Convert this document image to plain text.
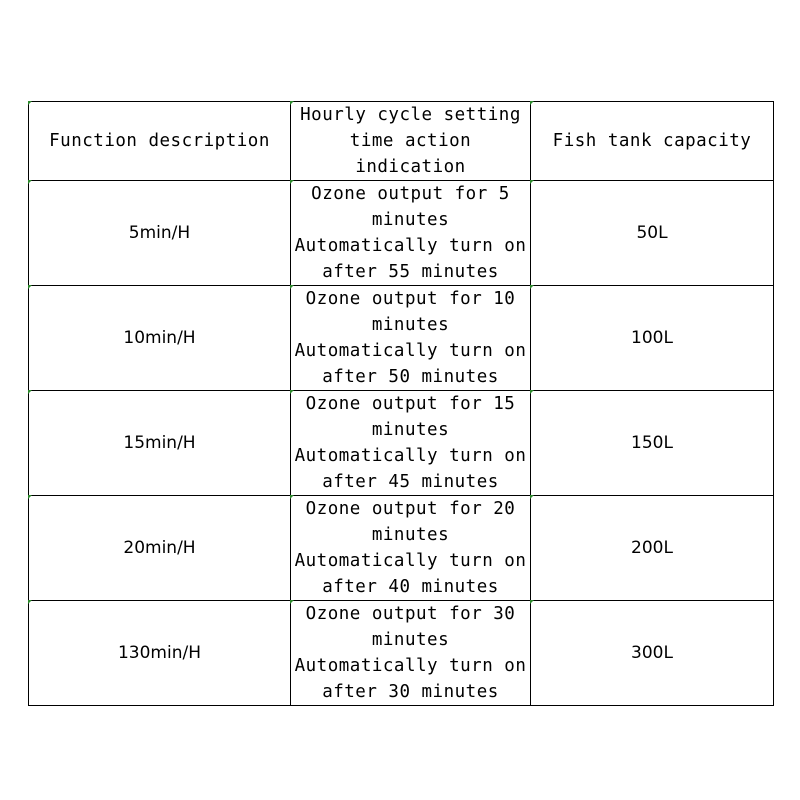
Function description	Hourly cycle setting
time action
indication	Fish tank capacity

5min/H	Ozone output for 5
minutes
Automatically turn on
after 55 minutes	50L
10min/H	Ozone output for 10
minutes
Automatically turn on
after 50 minutes	100L
15min/H	Ozone output for 15
minutes
Automatically turn on
after 45 minutes	150L
20min/H	Ozone output for 20
minutes
Automatically turn on
after 40 minutes	200L
130min/H	Ozone output for 30
minutes
Automatically turn on
after 30 minutes	300L
